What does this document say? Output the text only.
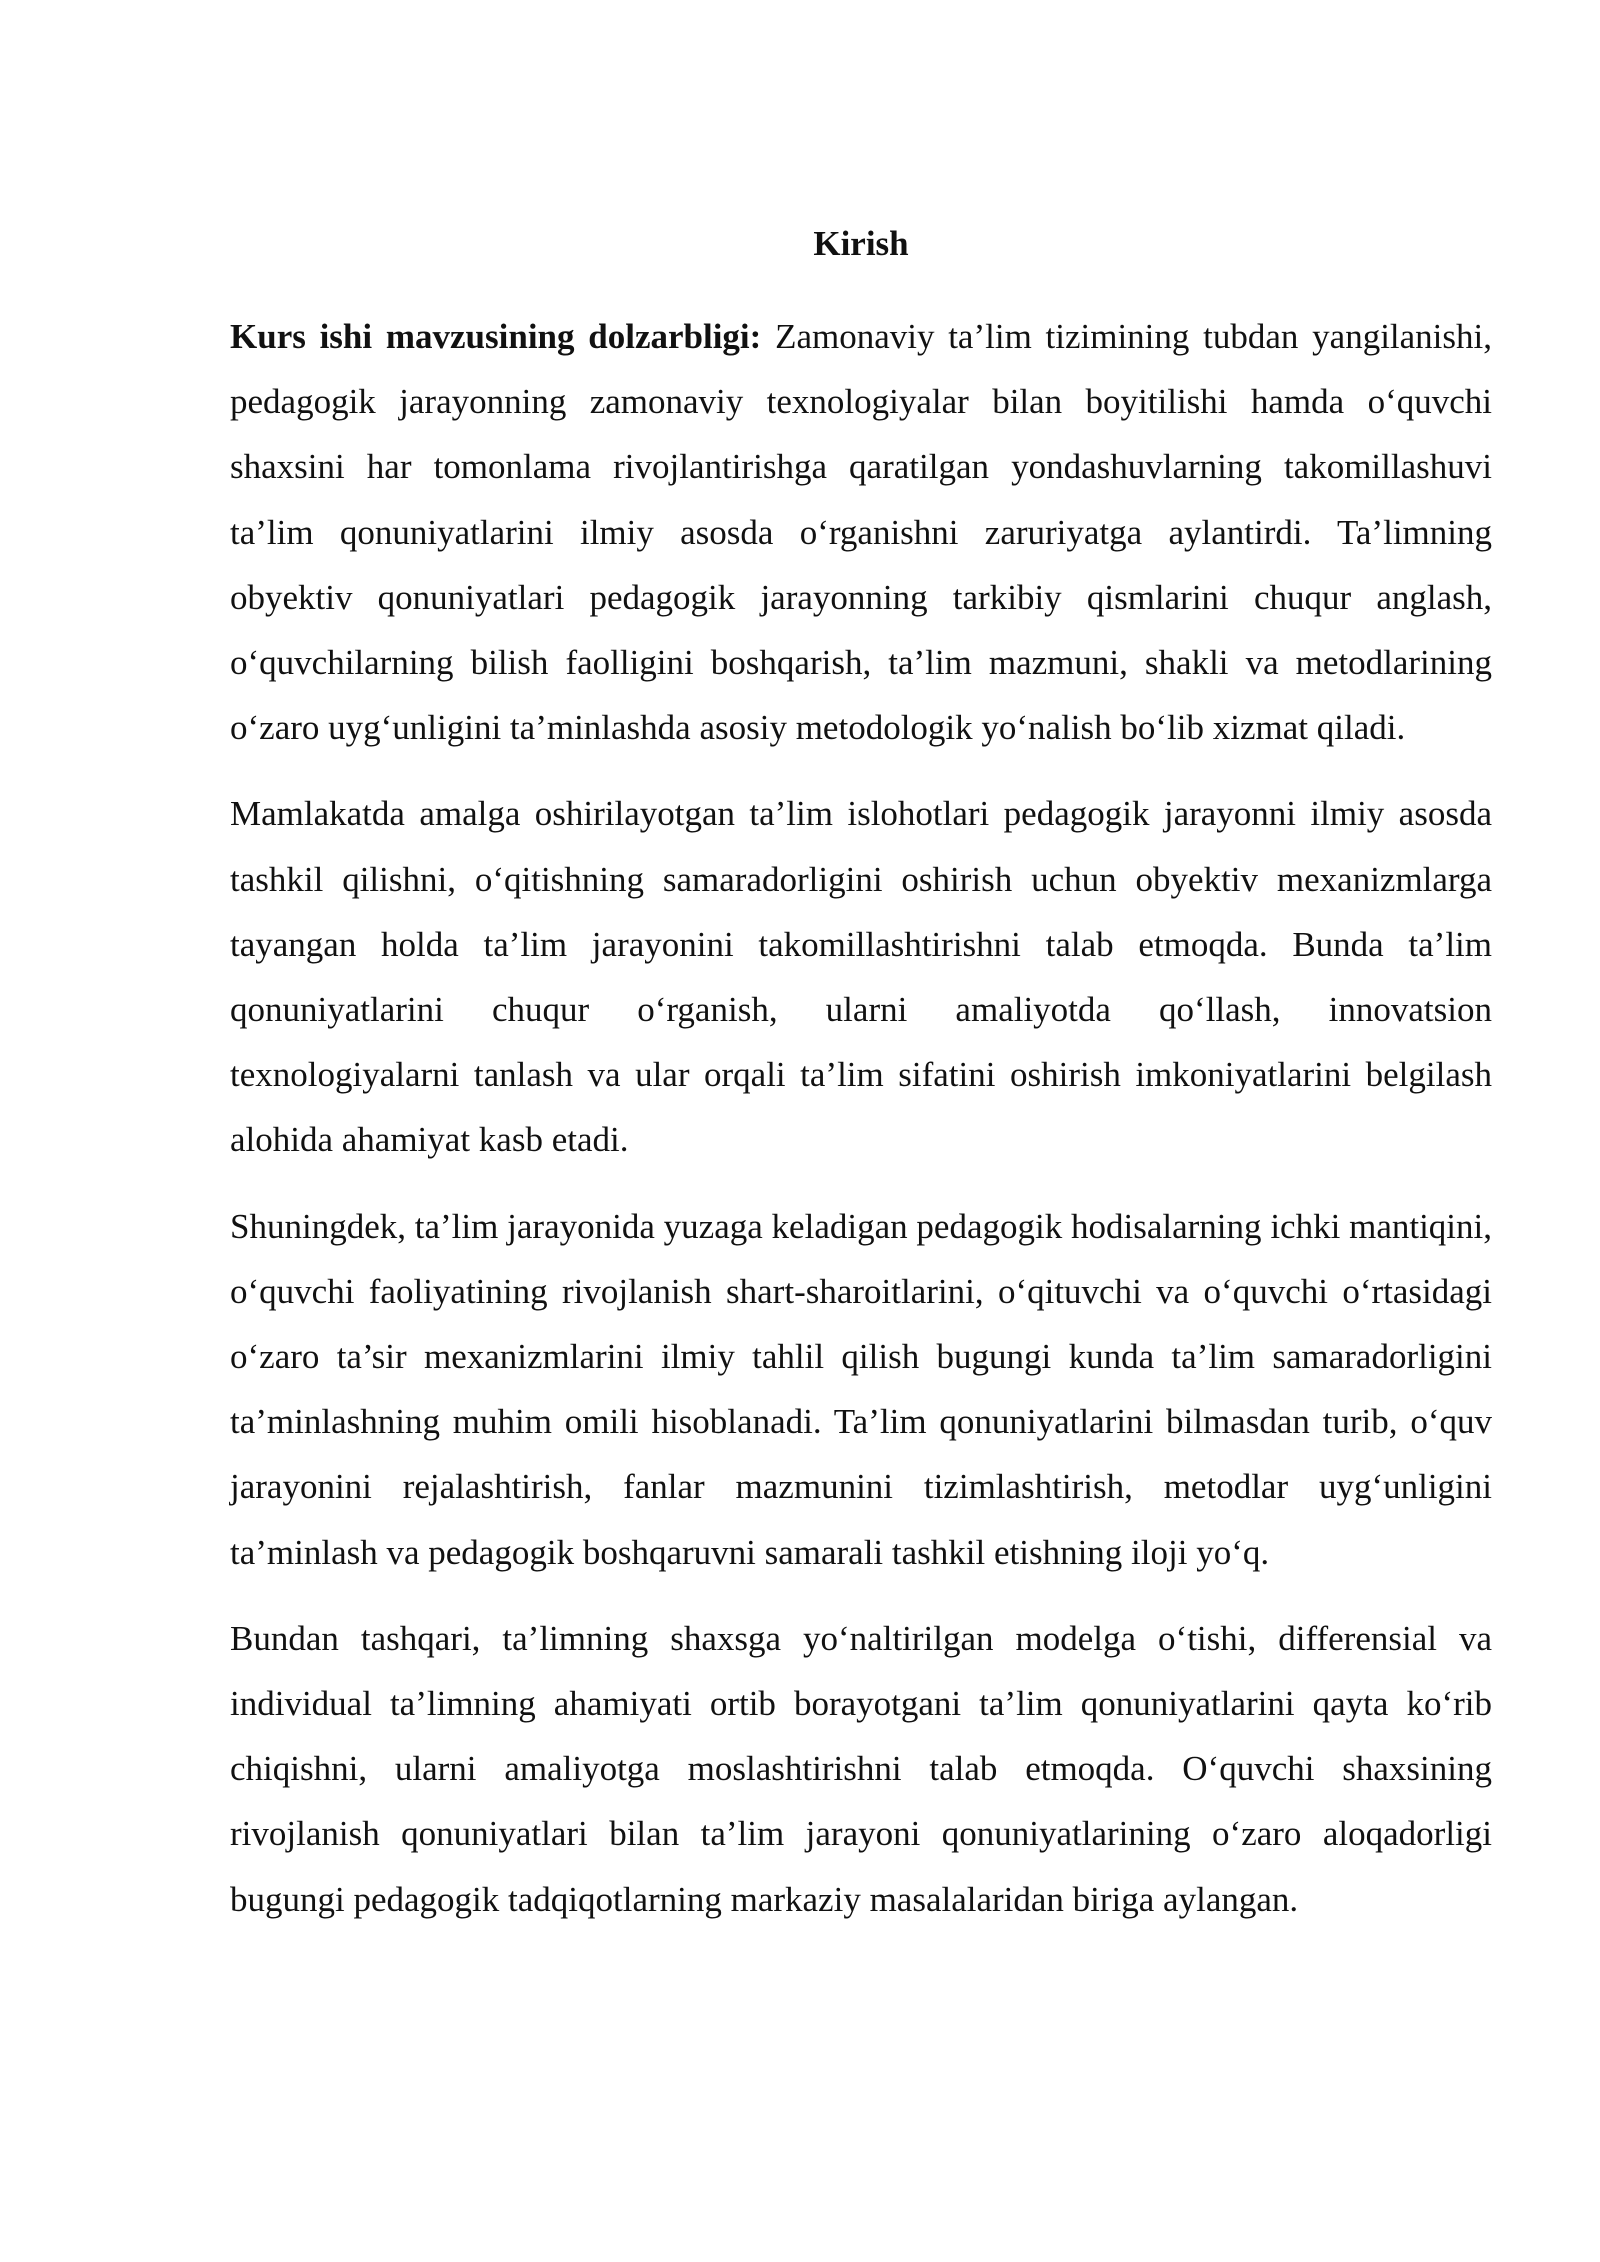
Kirish

Kurs ishi mavzusining dolzarbligi: Zamonaviy ta’lim tizimining tubdan yangilanishi, pedagogik jarayonning zamonaviy texnologiyalar bilan boyitilishi hamda o‘quvchi shaxsini har tomonlama rivojlantirishga qaratilgan yondashuvlarning takomillashuvi ta’lim qonuniyatlarini ilmiy asosda o‘rganishni zaruriyatga aylantirdi. Ta’limning obyektiv qonuniyatlari pedagogik jarayonning tarkibiy qismlarini chuqur anglash, o‘quvchilarning bilish faolligini boshqarish, ta’lim mazmuni, shakli va metodlarining o‘zaro uyg‘unligini ta’minlashda asosiy metodologik yo‘nalish bo‘lib xizmat qiladi.

Mamlakatda amalga oshirilayotgan ta’lim islohotlari pedagogik jarayonni ilmiy asosda tashkil qilishni, o‘qitishning samaradorligini oshirish uchun obyektiv mexanizmlarga tayangan holda ta’lim jarayonini takomillashtirishni talab etmoqda. Bunda ta’lim qonuniyatlarini chuqur o‘rganish, ularni amaliyotda qo‘llash, innovatsion texnologiyalarni tanlash va ular orqali ta’lim sifatini oshirish imkoniyatlarini belgilash alohida ahamiyat kasb etadi.

Shuningdek, ta’lim jarayonida yuzaga keladigan pedagogik hodisalarning ichki mantiqini, o‘quvchi faoliyatining rivojlanish shart-sharoitlarini, o‘qituvchi va o‘quvchi o‘rtasidagi o‘zaro ta’sir mexanizmlarini ilmiy tahlil qilish bugungi kunda ta’lim samaradorligini ta’minlashning muhim omili hisoblanadi. Ta’lim qonuniyatlarini bilmasdan turib, o‘quv jarayonini rejalashtirish, fanlar mazmunini tizimlashtirish, metodlar uyg‘unligini ta’minlash va pedagogik boshqaruvni samarali tashkil etishning iloji yo‘q.

Bundan tashqari, ta’limning shaxsga yo‘naltirilgan modelga o‘tishi, differensial va individual ta’limning ahamiyati ortib borayotgani ta’lim qonuniyatlarini qayta ko‘rib chiqishni, ularni amaliyotga moslashtirishni talab etmoqda. O‘quvchi shaxsining rivojlanish qonuniyatlari bilan ta’lim jarayoni qonuniyatlarining o‘zaro aloqadorligi bugungi pedagogik tadqiqotlarning markaziy masalalaridan biriga aylangan.
